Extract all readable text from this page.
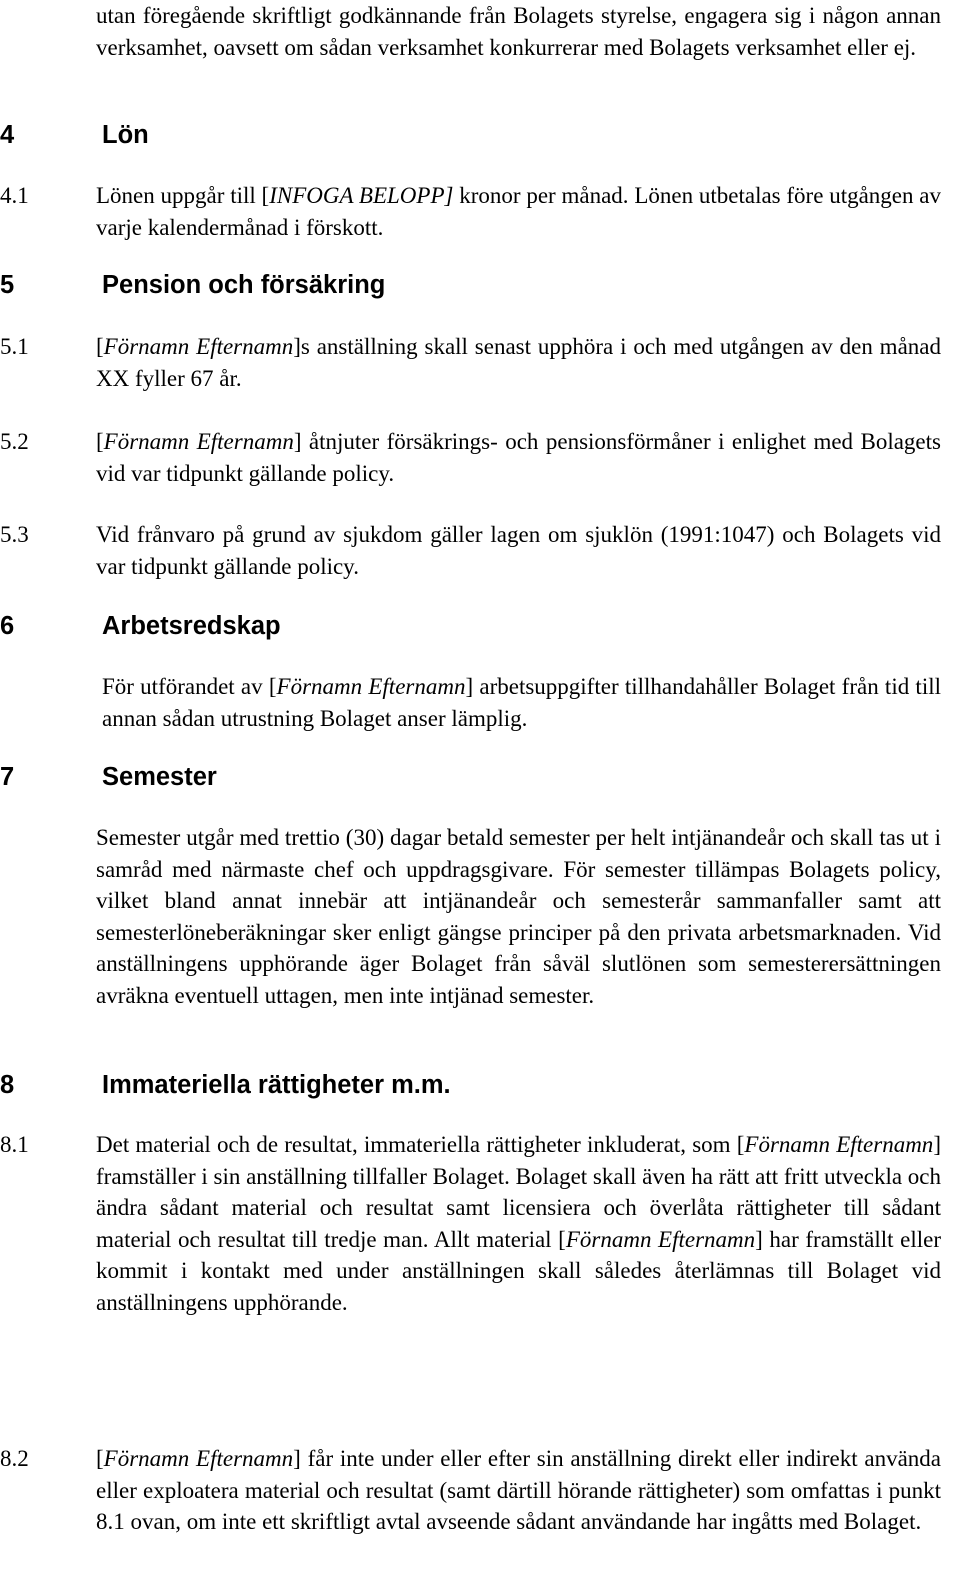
utan föregående skriftligt godkännande från Bolagets styrelse, engagera sig i någon annan verksamhet, oavsett om sådan verksamhet konkurrerar med Bolagets verksamhet eller ej.
4	Lön
4.1	Lönen uppgår till [INFOGA BELOPP] kronor per månad. Lönen utbetalas före utgången av varje kalendermånad i förskott.
5	Pension och försäkring
5.1	[Förnamn Efternamn]s anställning skall senast upphöra i och med utgången av den månad XX fyller 67 år.
5.2	[Förnamn Efternamn] åtnjuter försäkrings- och pensionsförmåner i enlighet med Bolagets vid var tidpunkt gällande policy.
5.3	Vid frånvaro på grund av sjukdom gäller lagen om sjuklön (1991:1047) och Bolagets vid var tidpunkt gällande policy.
6	Arbetsredskap
För utförandet av [Förnamn Efternamn] arbetsuppgifter tillhandahåller Bolaget från tid till annan sådan utrustning Bolaget anser lämplig.
7	Semester
Semester utgår med trettio (30) dagar betald semester per helt intjänandeår och skall tas ut i samråd med närmaste chef och uppdragsgivare. För semester tillämpas Bolagets policy, vilket bland annat innebär att intjänandeår och semesterår sammanfaller samt att semesterlöneberäkningar sker enligt gängse principer på den privata arbetsmarknaden. Vid anställningens upphörande äger Bolaget från såväl slutlönen som semesterersättningen avräkna eventuell uttagen, men inte intjänad semester.
8	Immateriella rättigheter m.m.
8.1	Det material och de resultat, immateriella rättigheter inkluderat, som [Förnamn Efternamn] framställer i sin anställning tillfaller Bolaget. Bolaget skall även ha rätt att fritt utveckla och ändra sådant material och resultat samt licensiera och överlåta rättigheter till sådant material och resultat till tredje man. Allt material [Förnamn Efternamn] har framställt eller kommit i kontakt med under anställningen skall således återlämnas till Bolaget vid anställningens upphörande.
8.2	[Förnamn Efternamn] får inte under eller efter sin anställning direkt eller indirekt använda eller exploatera material och resultat (samt därtill hörande rättigheter) som omfattas i punkt 8.1 ovan, om inte ett skriftligt avtal avseende sådant användande har ingåtts med Bolaget.
